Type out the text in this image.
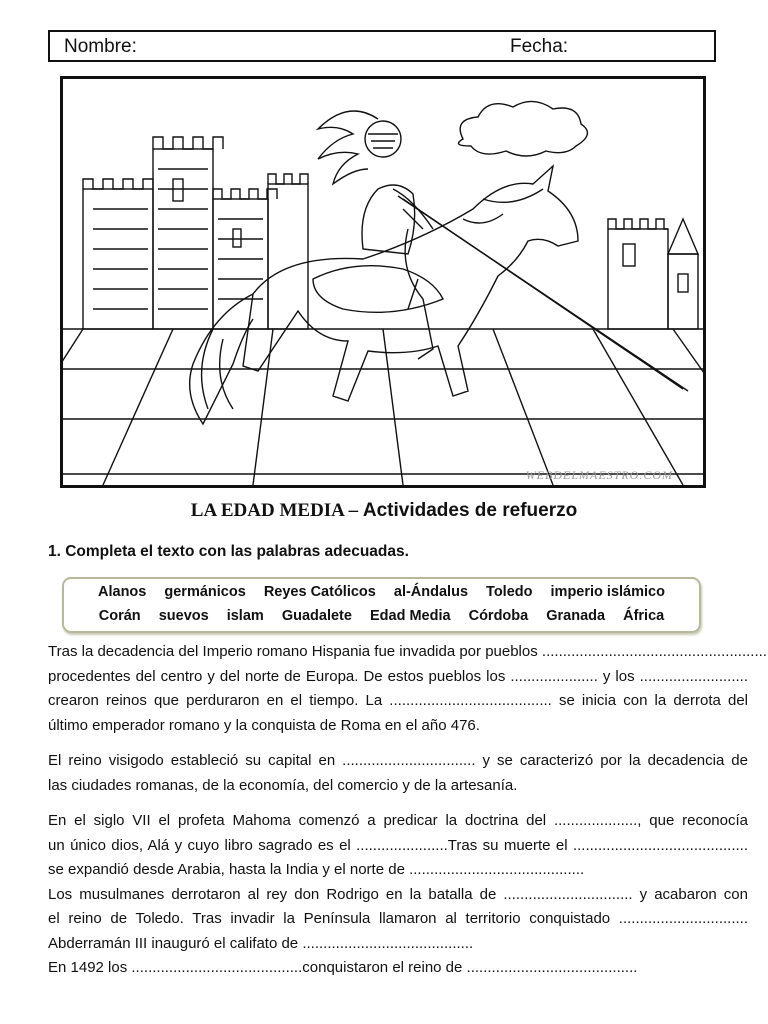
Nombre:	Fecha:
WEBDELMAESTRO.COM
LA EDAD MEDIA – Actividades de refuerzo
1. Completa el texto con las palabras adecuadas.
Alanos germánicos Reyes Católicos al-Ándalus Toledo imperio islámico
Corán suevos islam Guadalete Edad Media Córdoba Granada África
Tras la decadencia del Imperio romano Hispania fue invadida por pueblos ......................................................
procedentes del centro y del norte de Europa. De estos pueblos los ..................... y los ..........................
crearon reinos que perduraron en el tiempo. La ....................................... se inicia con la derrota del
último emperador romano y la conquista de Roma en el año 476.
El reino visigodo estableció su capital en ................................ y se caracterizó por la decadencia de
las ciudades romanas, de la economía, del comercio y de la artesanía.
En el siglo VII el profeta Mahoma comenzó a predicar la doctrina del ...................., que reconocía
un único dios, Alá y cuyo libro sagrado es el ......................Tras su muerte el ..........................................
se expandió desde Arabia, hasta la India y el norte de ..........................................
Los musulmanes derrotaron al rey don Rodrigo en la batalla de ............................... y acabaron con
el reino de Toledo. Tras invadir la Península llamaron al territorio conquistado ...............................
Abderramán III inauguró el califato de .........................................
En 1492 los .........................................conquistaron el reino de .........................................
